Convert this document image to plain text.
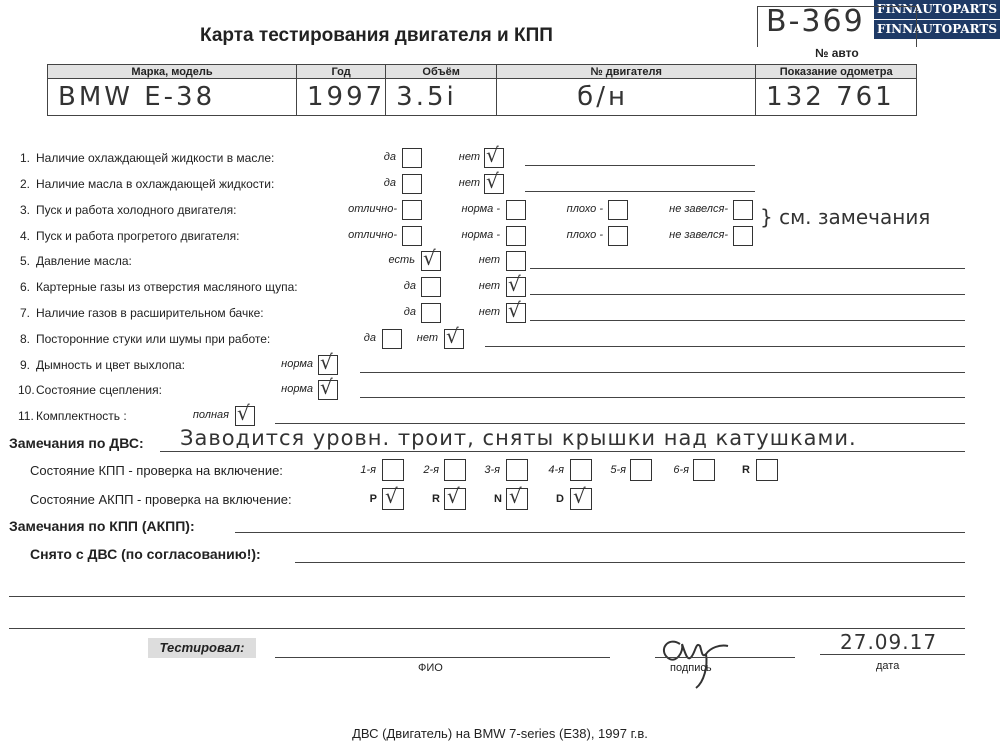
Карта тестирования двигателя и КПП
FINNAUTOPARTS
FINNAUTOPARTS
B-369
№ авто
Марка, модель	Год	Объём	№ двигателя	Показание одометра
BMW E-38	1997	3.5i	б/н	132 761
1. Наличие охлаждающей жидкости в масле:	да	нет √
2. Наличие масла в охлаждающей жидкости:	да	нет √
3. Пуск и работа холодного двигателя:	отлично-	норма -	плохо -	не завелся-
4. Пуск и работа прогретого двигателя:	отлично-	норма -	плохо -	не завелся-
} см. замечания
5. Давление масла:	есть √	нет
6. Картерные газы из отверстия масляного щупа:	да	нет √
7. Наличие газов в расширительном бачке:	да	нет √
8. Посторонние стуки или шумы при работе:	да	нет √
9. Дымность и цвет выхлопа:	норма √
10.Состояние сцепления:	норма √
11. Комплектность :	полная √
Замечания по ДВС: Заводится уровн. троит, сняты крышки над катушками.
Состояние КПП - проверка на включение:	1-я	2-я	3-я	4-я	5-я	6-я	R
Состояние АКПП - проверка на включение:	P √	R √	N √	D √
Замечания по КПП (АКПП):
Снято с ДВС (по согласованию!):
Тестировал:
ФИО	подпись
27.09.17
дата
ДВС (Двигатель) на BMW 7-series (E38), 1997 г.в.
